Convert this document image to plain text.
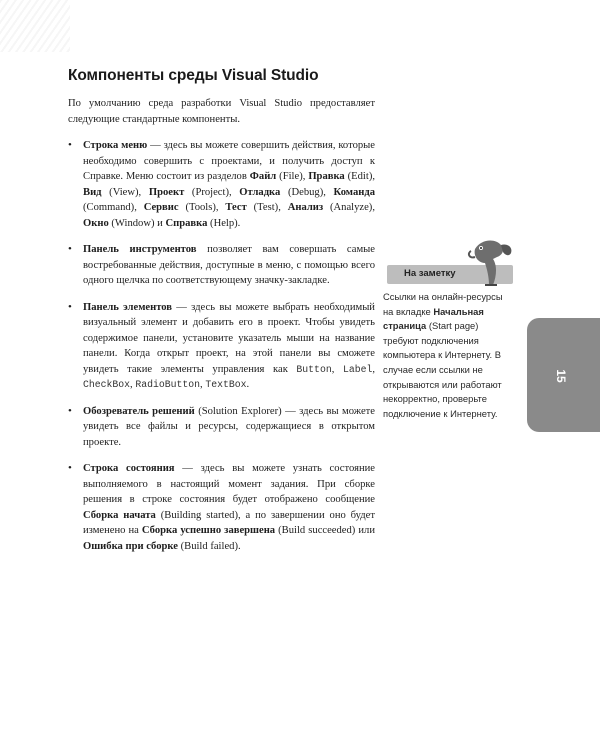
Компоненты среды Visual Studio

По умолчанию среда разработки Visual Studio предоставляет следующие стандартные компоненты.

• Строка меню — здесь вы можете совершить действия, которые необходимо совершить с проектами, и получить доступ к Справке. Меню состоит из разделов Файл (File), Правка (Edit), Вид (View), Проект (Project), Отладка (Debug), Команда (Command), Сервис (Tools), Тест (Test), Анализ (Analyze), Окно (Window) и Справка (Help).
• Панель инструментов позволяет вам совершать самые востребованные действия, доступные в меню, с помощью всего одного щелчка по соответствующему значку-закладке.
• Панель элементов — здесь вы можете выбрать необходимый визуальный элемент и добавить его в проект. Чтобы увидеть содержимое панели, установите указатель мыши на название панели. Когда открыт проект, на этой панели вы сможете увидеть такие элементы управления как Button, Label, CheckBox, RadioButton, TextBox.
• Обозреватель решений (Solution Explorer) — здесь вы можете увидеть все файлы и ресурсы, содержащиеся в открытом проекте.
• Строка состояния — здесь вы можете узнать состояние выполняемого в настоящий момент задания. При сборке решения в строке состояния будет отображено сообщение Сборка начата (Building started), а по завершении оно будет изменено на Сборка успешно завершена (Build succeeded) или Ошибка при сборке (Build failed).
На заметку
Ссылки на онлайн-ресурсы на вкладке Начальная страница (Start page) требуют подключения компьютера к Интернету. В случае если ссылки не открываются или работают некорректно, проверьте подключение к Интернету.
15
